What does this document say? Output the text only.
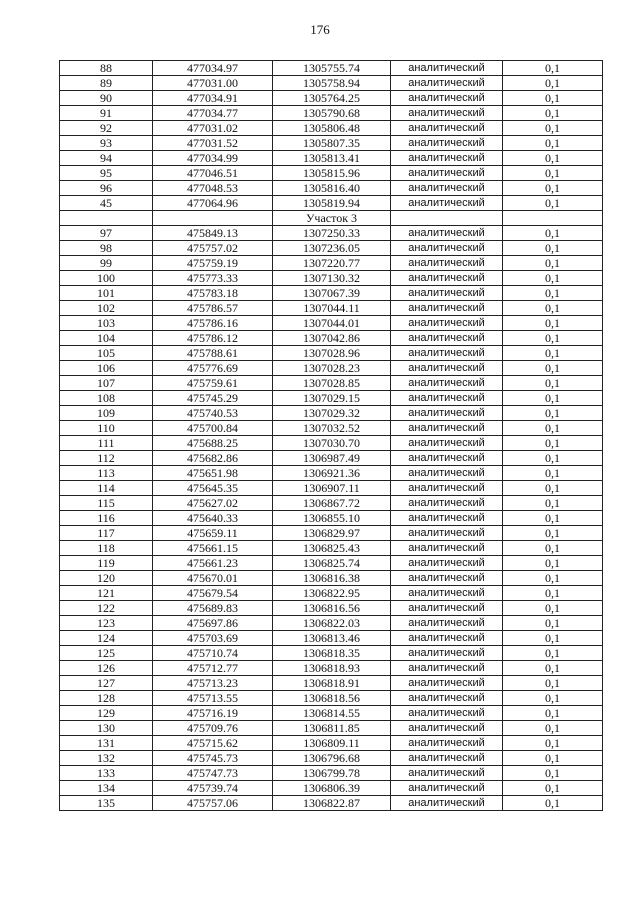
176
88	477034.97	1305755.74	аналитический	0,1
89	477031.00	1305758.94	аналитический	0,1
90	477034.91	1305764.25	аналитический	0,1
91	477034.77	1305790.68	аналитический	0,1
92	477031.02	1305806.48	аналитический	0,1
93	477031.52	1305807.35	аналитический	0,1
94	477034.99	1305813.41	аналитический	0,1
95	477046.51	1305815.96	аналитический	0,1
96	477048.53	1305816.40	аналитический	0,1
45	477064.96	1305819.94	аналитический	0,1
		Участок 3		
97	475849.13	1307250.33	аналитический	0,1
98	475757.02	1307236.05	аналитический	0,1
99	475759.19	1307220.77	аналитический	0,1
100	475773.33	1307130.32	аналитический	0,1
101	475783.18	1307067.39	аналитический	0,1
102	475786.57	1307044.11	аналитический	0,1
103	475786.16	1307044.01	аналитический	0,1
104	475786.12	1307042.86	аналитический	0,1
105	475788.61	1307028.96	аналитический	0,1
106	475776.69	1307028.23	аналитический	0,1
107	475759.61	1307028.85	аналитический	0,1
108	475745.29	1307029.15	аналитический	0,1
109	475740.53	1307029.32	аналитический	0,1
110	475700.84	1307032.52	аналитический	0,1
111	475688.25	1307030.70	аналитический	0,1
112	475682.86	1306987.49	аналитический	0,1
113	475651.98	1306921.36	аналитический	0,1
114	475645.35	1306907.11	аналитический	0,1
115	475627.02	1306867.72	аналитический	0,1
116	475640.33	1306855.10	аналитический	0,1
117	475659.11	1306829.97	аналитический	0,1
118	475661.15	1306825.43	аналитический	0,1
119	475661.23	1306825.74	аналитический	0,1
120	475670.01	1306816.38	аналитический	0,1
121	475679.54	1306822.95	аналитический	0,1
122	475689.83	1306816.56	аналитический	0,1
123	475697.86	1306822.03	аналитический	0,1
124	475703.69	1306813.46	аналитический	0,1
125	475710.74	1306818.35	аналитический	0,1
126	475712.77	1306818.93	аналитический	0,1
127	475713.23	1306818.91	аналитический	0,1
128	475713.55	1306818.56	аналитический	0,1
129	475716.19	1306814.55	аналитический	0,1
130	475709.76	1306811.85	аналитический	0,1
131	475715.62	1306809.11	аналитический	0,1
132	475745.73	1306796.68	аналитический	0,1
133	475747.73	1306799.78	аналитический	0,1
134	475739.74	1306806.39	аналитический	0,1
135	475757.06	1306822.87	аналитический	0,1
